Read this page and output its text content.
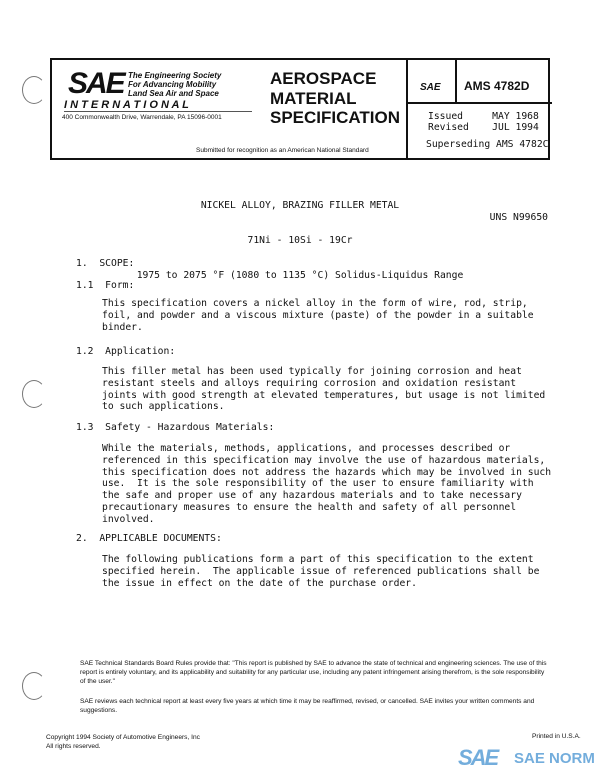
SAE The Engineering Society
For Advancing Mobility
Land Sea Air and Space
I N T E R N A T I O N A L
400 Commonwealth Drive, Warrendale, PA 15096-0001
AEROSPACE
MATERIAL
SPECIFICATION
Submitted for recognition as an American National Standard
SAE AMS 4782D
Issued	MAY 1968
Revised JUL 1994
Superseding AMS 4782C

NICKEL ALLOY, BRAZING FILLER METAL

71Ni - 10Si - 19Cr

1975 to 2075 °F (1080 to 1135 °C) Solidus-Liquidus Range

UNS N99650
1.  SCOPE:
1.1  Form:
This specification covers a nickel alloy in the form of wire, rod, strip,
foil, and powder and a viscous mixture (paste) of the powder in a suitable
binder.
1.2  Application:
This filler metal has been used typically for joining corrosion and heat
resistant steels and alloys requiring corrosion and oxidation resistant
joints with good strength at elevated temperatures, but usage is not limited
to such applications.
1.3  Safety - Hazardous Materials:
While the materials, methods, applications, and processes described or
referenced in this specification may involve the use of hazardous materials,
this specification does not address the hazards which may be involved in such
use.  It is the sole responsibility of the user to ensure familiarity with
the safe and proper use of any hazardous materials and to take necessary
precautionary measures to ensure the health and safety of all personnel
involved.
2.  APPLICABLE DOCUMENTS:
The following publications form a part of this specification to the extent
specified herein.  The applicable issue of referenced publications shall be
the issue in effect on the date of the purchase order.
SAE Technical Standards Board Rules provide that: "This report is published by SAE to advance the state of technical and engineering sciences. The use of this report is entirely voluntary, and its applicability and suitability for any particular use, including any patent infringement arising therefrom, is the sole responsibility of the user."
SAE reviews each technical report at least every five years at which time it may be reaffirmed, revised, or cancelled. SAE invites your written comments and suggestions.
Copyright 1994 Society of Automotive Engineers, Inc
All rights reserved.
Printed in U.S.A.
SAE SAE NORM
